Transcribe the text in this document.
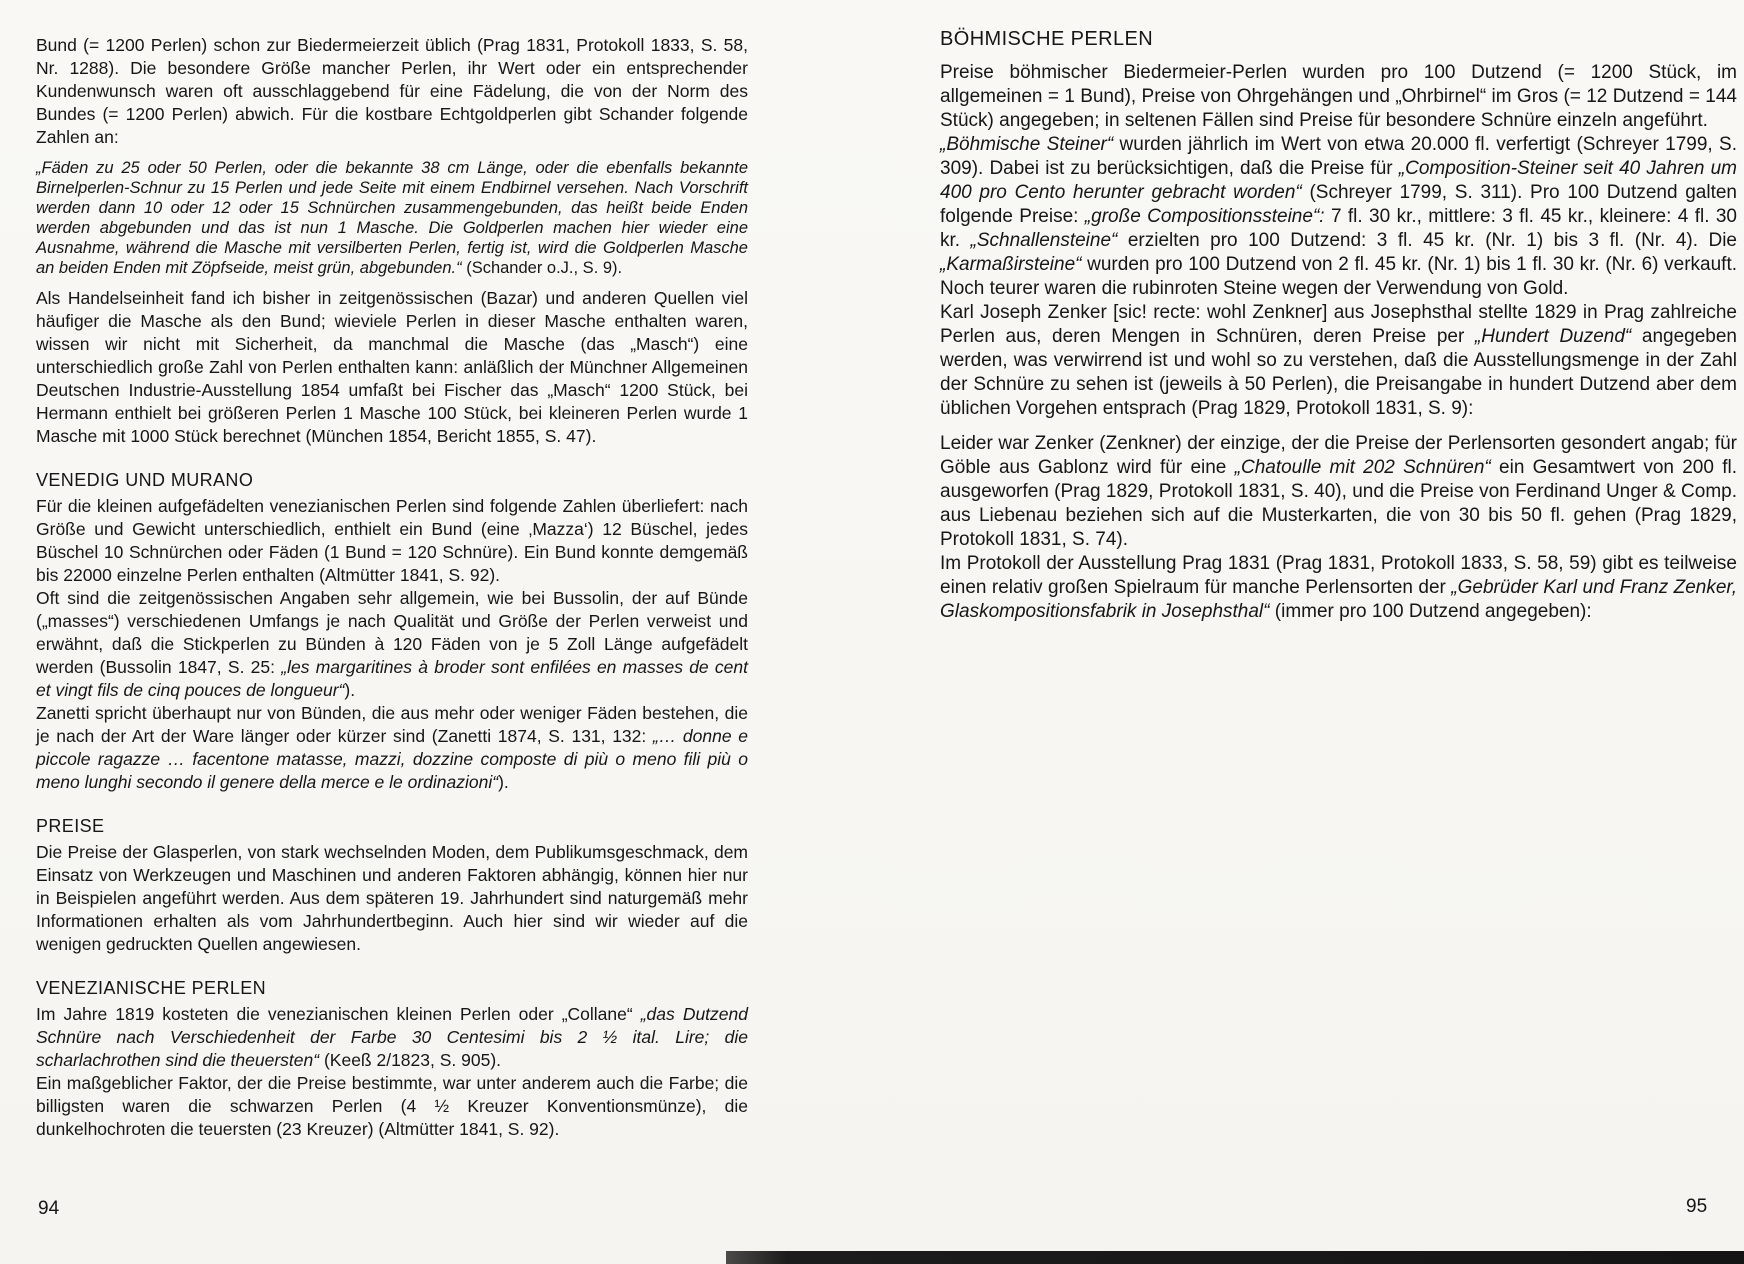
Bund (= 1200 Perlen) schon zur Biedermeierzeit üblich (Prag 1831, Protokoll 1833, S. 58, Nr. 1288). Die besondere Größe mancher Perlen, ihr Wert oder ein entsprechender Kundenwunsch waren oft ausschlaggebend für eine Fädelung, die von der Norm des Bundes (= 1200 Perlen) abwich. Für die kostbare Echtgoldperlen gibt Schander folgende Zahlen an:

„Fäden zu 25 oder 50 Perlen, oder die bekannte 38 cm Länge, oder die ebenfalls bekannte Birnelperlen-Schnur zu 15 Perlen und jede Seite mit einem Endbirnel versehen. Nach Vorschrift werden dann 10 oder 12 oder 15 Schnürchen zusammengebunden, das heißt beide Enden werden abgebunden und das ist nun 1 Masche. Die Goldperlen machen hier wieder eine Ausnahme, während die Masche mit versilberten Perlen, fertig ist, wird die Goldperlen Masche an beiden Enden mit Zöpfseide, meist grün, abgebunden.“ (Schander o.J., S. 9).

Als Handelseinheit fand ich bisher in zeitgenössischen (Bazar) und anderen Quellen viel häufiger die Masche als den Bund; wieviele Perlen in dieser Masche enthalten waren, wissen wir nicht mit Sicherheit, da manchmal die Masche (das „Masch“) eine unterschiedlich große Zahl von Perlen enthalten kann: anläßlich der Münchner Allgemeinen Deutschen Industrie-Ausstellung 1854 umfaßt bei Fischer das „Masch“ 1200 Stück, bei Hermann enthielt bei größeren Perlen 1 Masche 100 Stück, bei kleineren Perlen wurde 1 Masche mit 1000 Stück berechnet (München 1854, Bericht 1855, S. 47).

VENEDIG UND MURANO

Für die kleinen aufgefädelten venezianischen Perlen sind folgende Zahlen überliefert: nach Größe und Gewicht unterschiedlich, enthielt ein Bund (eine ‚Mazza‘) 12 Büschel, jedes Büschel 10 Schnürchen oder Fäden (1 Bund = 120 Schnüre). Ein Bund konnte demgemäß bis 22000 einzelne Perlen enthalten (Altmütter 1841, S. 92).

Oft sind die zeitgenössischen Angaben sehr allgemein, wie bei Bussolin, der auf Bünde („masses“) verschiedenen Umfangs je nach Qualität und Größe der Perlen verweist und erwähnt, daß die Stickperlen zu Bünden à 120 Fäden von je 5 Zoll Länge aufgefädelt werden (Bussolin 1847, S. 25: „les margaritines à broder sont enfilées en masses de cent et vingt fils de cinq pouces de longueur“).

Zanetti spricht überhaupt nur von Bünden, die aus mehr oder weniger Fäden bestehen, die je nach der Art der Ware länger oder kürzer sind (Zanetti 1874, S. 131, 132: „… donne e piccole ragazze … facentone matasse, mazzi, dozzine composte di più o meno fili più o meno lunghi secondo il genere della merce e le ordinazioni“).

PREISE

Die Preise der Glasperlen, von stark wechselnden Moden, dem Publikumsgeschmack, dem Einsatz von Werkzeugen und Maschinen und anderen Faktoren abhängig, können hier nur in Beispielen angeführt werden. Aus dem späteren 19. Jahrhundert sind naturgemäß mehr Informationen erhalten als vom Jahrhundertbeginn. Auch hier sind wir wieder auf die wenigen gedruckten Quellen angewiesen.

VENEZIANISCHE PERLEN

Im Jahre 1819 kosteten die venezianischen kleinen Perlen oder „Collane“ „das Dutzend Schnüre nach Verschiedenheit der Farbe 30 Centesimi bis 2 ½ ital. Lire; die scharlachrothen sind die theuersten“ (Keeß 2/1823, S. 905).

Ein maßgeblicher Faktor, der die Preise bestimmte, war unter anderem auch die Farbe; die billigsten waren die schwarzen Perlen (4 ½ Kreuzer Konventionsmünze), die dunkelhochroten die teuersten (23 Kreuzer) (Altmütter 1841, S. 92).

BÖHMISCHE PERLEN

Preise böhmischer Biedermeier-Perlen wurden pro 100 Dutzend (= 1200 Stück, im allgemeinen = 1 Bund), Preise von Ohrgehängen und „Ohrbirnel“ im Gros (= 12 Dutzend = 144 Stück) angegeben; in seltenen Fällen sind Preise für besondere Schnüre einzeln angeführt.

„Böhmische Steiner“ wurden jährlich im Wert von etwa 20.000 fl. verfertigt (Schreyer 1799, S. 309). Dabei ist zu berücksichtigen, daß die Preise für „Composition-Steiner seit 40 Jahren um 400 pro Cento herunter gebracht worden“ (Schreyer 1799, S. 311). Pro 100 Dutzend galten folgende Preise: „große Compositionssteine“: 7 fl. 30 kr., mittlere: 3 fl. 45 kr., kleinere: 4 fl. 30 kr. „Schnallensteine“ erzielten pro 100 Dutzend: 3 fl. 45 kr. (Nr. 1) bis 3 fl. (Nr. 4). Die „Karmaßirsteine“ wurden pro 100 Dutzend von 2 fl. 45 kr. (Nr. 1) bis 1 fl. 30 kr. (Nr. 6) verkauft. Noch teurer waren die rubinroten Steine wegen der Verwendung von Gold.

Karl Joseph Zenker [sic! recte: wohl Zenkner] aus Josephsthal stellte 1829 in Prag zahlreiche Perlen aus, deren Mengen in Schnüren, deren Preise per „Hundert Duzend“ angegeben werden, was verwirrend ist und wohl so zu verstehen, daß die Ausstellungsmenge in der Zahl der Schnüre zu sehen ist (jeweils à 50 Perlen), die Preisangabe in hundert Dutzend aber dem üblichen Vorgehen entsprach (Prag 1829, Protokoll 1831, S. 9):

Leider war Zenker (Zenkner) der einzige, der die Preise der Perlensorten gesondert angab; für Göble aus Gablonz wird für eine „Chatoulle mit 202 Schnüren“ ein Gesamtwert von 200 fl. ausgeworfen (Prag 1829, Protokoll 1831, S. 40), und die Preise von Ferdinand Unger & Comp. aus Liebenau beziehen sich auf die Musterkarten, die von 30 bis 50 fl. gehen (Prag 1829, Protokoll 1831, S. 74).

Im Protokoll der Ausstellung Prag 1831 (Prag 1831, Protokoll 1833, S. 58, 59) gibt es teilweise einen relativ großen Spielraum für manche Perlensorten der „Gebrüder Karl und Franz Zenker, Glaskompositionsfabrik in Josephsthal“ (immer pro 100 Dutzend angegeben):

94	95
